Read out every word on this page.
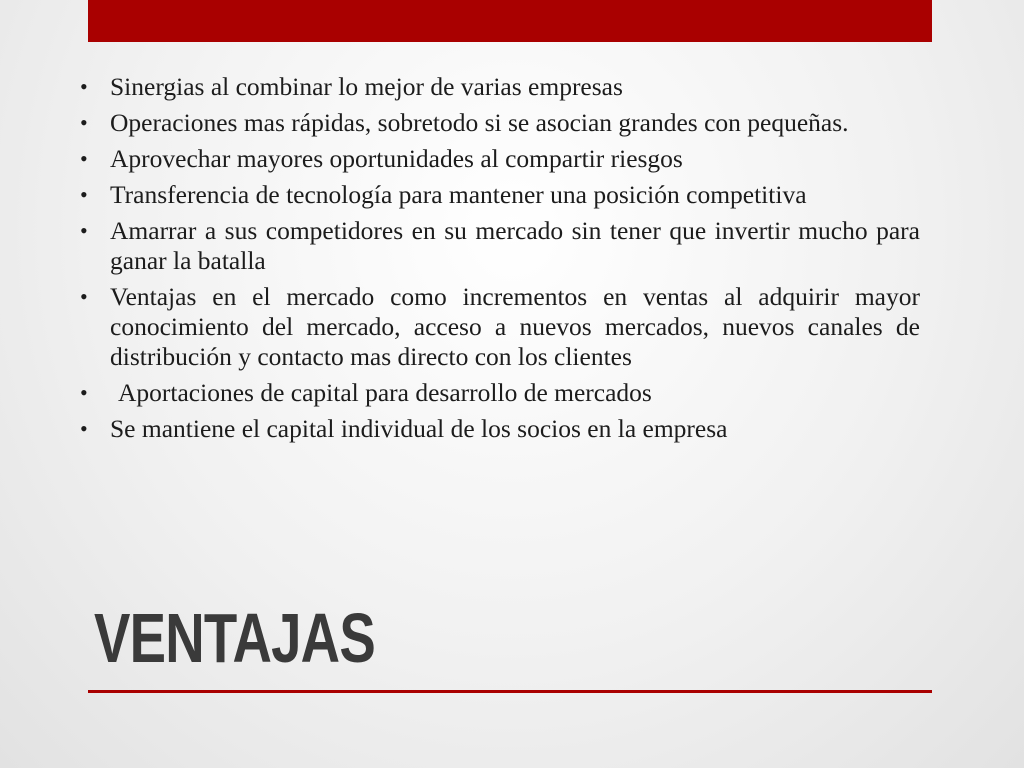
• Sinergias al combinar lo mejor de varias empresas
• Operaciones mas rápidas, sobretodo si se asocian grandes con pequeñas.
• Aprovechar mayores oportunidades al compartir riesgos
• Transferencia de tecnología para mantener una posición competitiva
• Amarrar a sus competidores en su mercado sin tener que invertir mucho para ganar la batalla
• Ventajas en el mercado como incrementos en ventas al adquirir mayor conocimiento del mercado, acceso a nuevos mercados, nuevos canales de distribución y contacto mas directo con los clientes
• Aportaciones de capital para desarrollo de mercados
• Se mantiene el capital individual de los socios en la empresa
VENTAJAS
